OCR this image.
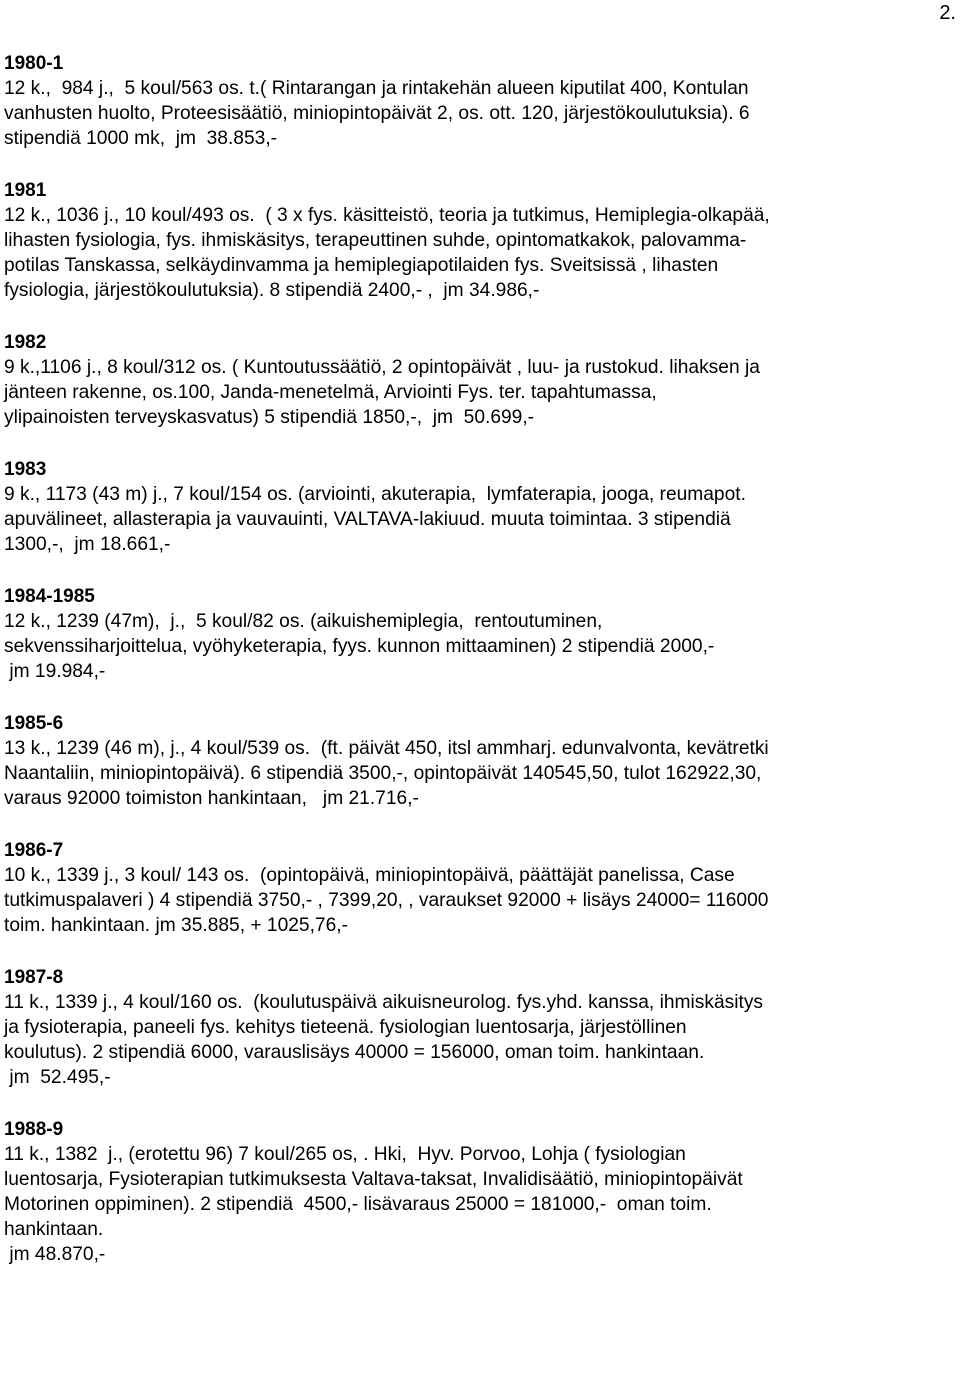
2.
1980-1
12 k.,  984 j.,  5 koul/563 os. t.( Rintarangan ja rintakehän alueen kiputilat 400, Kontulan
vanhusten huolto, Proteesisäätiö, miniopintopäivät 2, os. ott. 120, järjestökoulutuksia). 6
stipendiä 1000 mk,  jm  38.853,-
1981
12 k., 1036 j., 10 koul/493 os.  ( 3 x fys. käsitteistö, teoria ja tutkimus, Hemiplegia-olkapää,
lihasten fysiologia, fys. ihmiskäsitys, terapeuttinen suhde, opintomatkakok, palovamma-
potilas Tanskassa, selkäydinvamma ja hemiplegiapotilaiden fys. Sveitsissä , lihasten
fysiologia, järjestökoulutuksia). 8 stipendiä 2400,- ,  jm 34.986,-
1982
9 k.,1106 j., 8 koul/312 os. ( Kuntoutussäätiö, 2 opintopäivät , luu- ja rustokud. lihaksen ja
jänteen rakenne, os.100, Janda-menetelmä, Arviointi Fys. ter. tapahtumassa,
ylipainoisten terveyskasvatus) 5 stipendiä 1850,-,  jm  50.699,-
1983
9 k., 1173 (43 m) j., 7 koul/154 os. (arviointi, akuterapia,  lymfaterapia, jooga, reumapot.
apuvälineet, allasterapia ja vauvauinti, VALTAVA-lakiuud. muuta toimintaa. 3 stipendiä
1300,-,  jm 18.661,-
1984-1985
12 k., 1239 (47m),  j.,  5 koul/82 os. (aikuishemiplegia,  rentoutuminen,
sekvenssiharjoittelua, vyöhyketerapia, fyys. kunnon mittaaminen) 2 stipendiä 2000,-
jm 19.984,-
1985-6
13 k., 1239 (46 m), j., 4 koul/539 os.  (ft. päivät 450, itsl ammharj. edunvalvonta, kevätretki
Naantaliin, miniopintopäivä). 6 stipendiä 3500,-, opintopäivät 140545,50, tulot 162922,30,
varaus 92000 toimiston hankintaan,   jm 21.716,-
1986-7
10 k., 1339 j., 3 koul/ 143 os.  (opintopäivä, miniopintopäivä, päättäjät panelissa, Case
tutkimuspalaveri ) 4 stipendiä 3750,- , 7399,20, , varaukset 92000 + lisäys 24000= 116000
toim. hankintaan. jm 35.885, + 1025,76,-
1987-8
11 k., 1339 j., 4 koul/160 os.  (koulutuspäivä aikuisneurolog. fys.yhd. kanssa, ihmiskäsitys
ja fysioterapia, paneeli fys. kehitys tieteenä. fysiologian luentosarja, järjestöllinen
koulutus). 2 stipendiä 6000, varauslisäys 40000 = 156000, oman toim. hankintaan.
jm  52.495,-
1988-9
11 k., 1382  j., (erotettu 96) 7 koul/265 os, . Hki,  Hyv. Porvoo, Lohja ( fysiologian
luentosarja, Fysioterapian tutkimuksesta Valtava-taksat, Invalidisäätiö, miniopintopäivät
Motorinen oppiminen). 2 stipendiä  4500,- lisävaraus 25000 = 181000,-  oman toim.
hankintaan.
jm 48.870,-
